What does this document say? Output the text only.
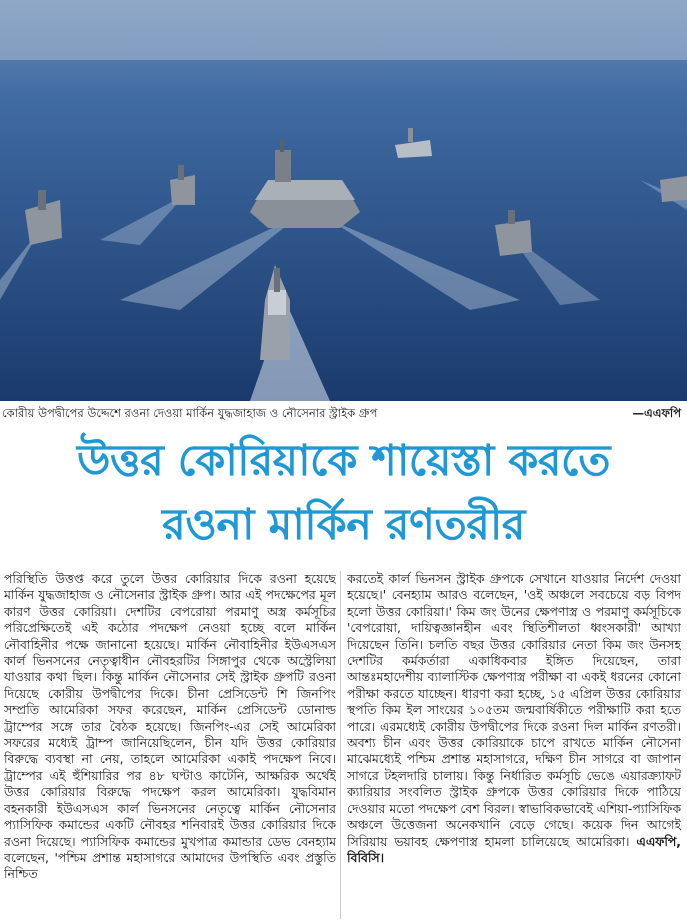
কোরীয় উপদ্বীপের উদ্দেশে রওনা দেওয়া মার্কিন যুদ্ধজাহাজ ও নৌসেনার স্ট্রাইক গ্রুপ	—এএফপি
উত্তর কোরিয়াকে শায়েস্তা করতে
রওনা মার্কিন রণতরীর

পরিস্থিতি উত্তপ্ত করে তুলে উত্তর কোরিয়ার দিকে রওনা হয়েছে মার্কিন যুদ্ধজাহাজ ও নৌসেনার স্ট্রাইক গ্রুপ। আর এই পদক্ষেপের মূল কারণ উত্তর কোরিয়া। দেশটির বেপরোয়া পরমাণু অস্ত্র কর্মসূচির পরিপ্রেক্ষিতেই এই কঠোর পদক্ষেপ নেওয়া হচ্ছে বলে মার্কিন নৌবাহিনীর পক্ষে জানানো হয়েছে। মার্কিন নৌবাহিনীর ইউএসএস কার্ল ভিনসনের নেতৃত্বাধীন নৌবহরটির সিঙ্গাপুর থেকে অস্ট্রেলিয়া যাওয়ার কথা ছিল। কিন্তু মার্কিন নৌসেনার সেই স্ট্রাইক গ্রুপটি রওনা দিয়েছে কোরীয় উপদ্বীপের দিকে। চীনা প্রেসিডেন্ট শি জিনপিং সম্প্রতি আমেরিকা সফর করেছেন, মার্কিন প্রেসিডেন্ট ডোনাল্ড ট্রাম্পের সঙ্গে তার বৈঠক হয়েছে। জিনপিং-এর সেই আমেরিকা সফরের মধ্যেই ট্রাম্প জানিয়েছিলেন, চীন যদি উত্তর কোরিয়ার বিরুদ্ধে ব্যবস্থা না নেয়, তাহলে আমেরিকা একাই পদক্ষেপ নিবে। ট্রাম্পের এই হুঁশিয়ারির পর ৪৮ ঘণ্টাও কাটেনি, আক্ষরিক অর্থেই উত্তর কোরিয়ার বিরুদ্ধে পদক্ষেপ করল আমেরিকা। যুদ্ধবিমান বহনকারী ইউএসএস কার্ল ভিনসনের নেতৃত্বে মার্কিন নৌসেনার প্যাসিফিক কমান্ডের একটি নৌবহর শনিবারই উত্তর কোরিয়ার দিকে রওনা দিয়েছে। প্যাসিফিক কমান্ডের মুখপাত্র কমান্ডার ডেভ বেনহ্যাম বলেছেন, 'পশ্চিম প্রশান্ত মহাসাগরে আমাদের উপস্থিতি এবং প্রস্তুতি নিশ্চিত

করতেই কার্ল ভিনসন স্ট্রাইক গ্রুপকে সেখানে যাওয়ার নির্দেশ দেওয়া হয়েছে।' বেনহ্যাম আরও বলেছেন, 'ওই অঞ্চলে সবচেয়ে বড় বিপদ হলো উত্তর কোরিয়া।' কিম জং উনের ক্ষেপণাস্ত্র ও পরমাণু কর্মসূচিকে 'বেপরোয়া, দায়িত্বজ্ঞানহীন এবং স্থিতিশীলতা ধ্বংসকারী' আখ্যা দিয়েছেন তিনি। চলতি বছর উত্তর কোরিয়ার নেতা কিম জং উনসহ দেশটির কর্মকর্তারা একাধিকবার ইঙ্গিত দিয়েছেন, তারা আন্তঃমহাদেশীয় ব্যালাস্টিক ক্ষেপণাস্ত্র পরীক্ষা বা একই ধরনের কোনো পরীক্ষা করতে যাচ্ছেন। ধারণা করা হচ্ছে, ১৫ এপ্রিল উত্তর কোরিয়ার স্থপতি কিম ইল সাংয়ের ১০৫তম জন্মবার্ষিকীতে পরীক্ষাটি করা হতে পারে। এরমধ্যেই কোরীয় উপদ্বীপের দিকে রওনা দিল মার্কিন রণতরী। অবশ্য চীন এবং উত্তর কোরিয়াকে চাপে রাখতে মার্কিন নৌসেনা মাঝেমধ্যেই পশ্চিম প্রশান্ত মহাসাগরে, দক্ষিণ চীন সাগরে বা জাপান সাগরে টহলদারি চালায়। কিন্তু নির্ধারিত কর্মসূচি ভেঙে এয়ারক্র্যাফট ক্যারিয়ার সংবলিত স্ট্রাইক গ্রুপকে উত্তর কোরিয়ার দিকে পাঠিয়ে দেওয়ার মতো পদক্ষেপ বেশ বিরল। স্বাভাবিকভাবেই এশিয়া-প্যাসিফিক অঞ্চলে উত্তেজনা অনেকখানি বেড়ে গেছে। কয়েক দিন আগেই সিরিয়ায় ভয়াবহ ক্ষেপণাস্ত্র হামলা চালিয়েছে আমেরিকা। এএফপি, বিবিসি।
